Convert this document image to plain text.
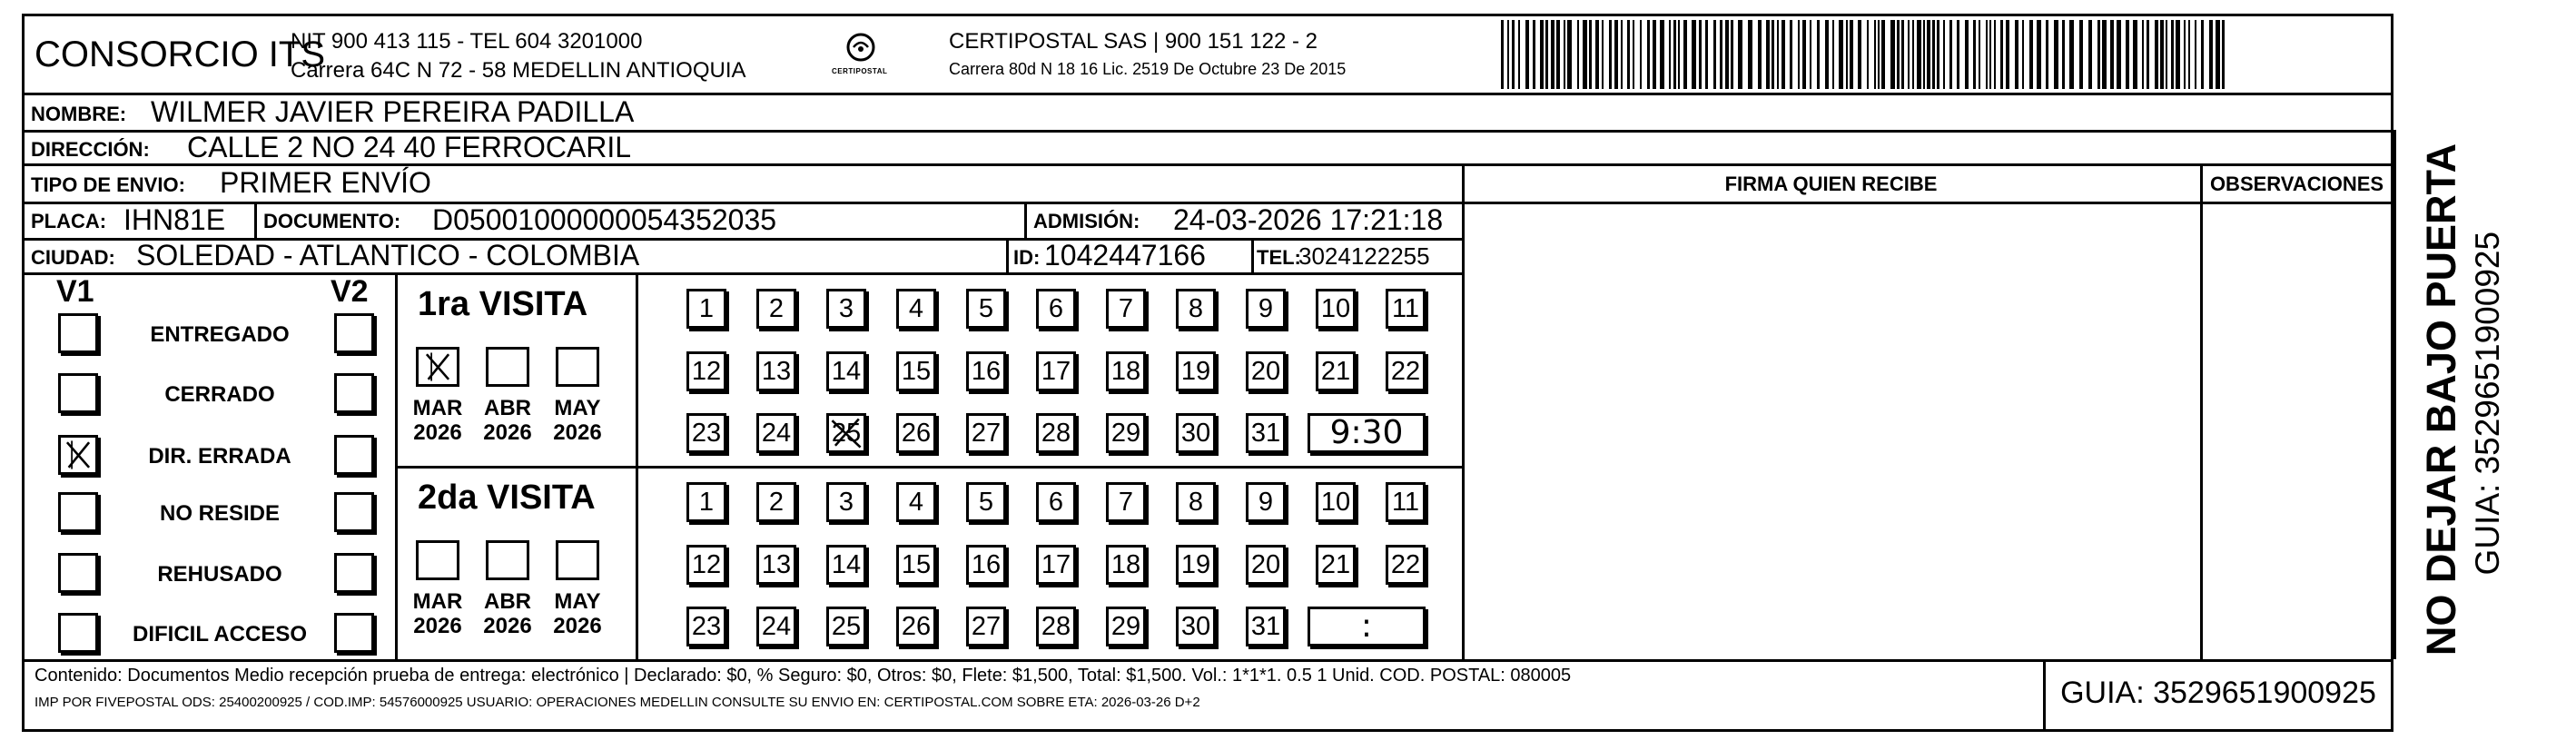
CONSORCIO ITS
NIT 900 413 115 - TEL 604 3201000
Carrera 64C N 72 - 58 MEDELLIN ANTIOQUIA	CERTIPOSTAL
CERTIPOSTAL SAS | 900 151 122 - 2
Carrera 80d N 18 16 Lic. 2519 De Octubre 23 De 2015
NOMBRE: WILMER JAVIER PEREIRA PADILLA
DIRECCIÓN: CALLE 2 NO 24 40 FERROCARIL
TIPO DE ENVIO: PRIMER ENVÍO	FIRMA QUIEN RECIBE	OBSERVACIONES
PLACA: IHN81E DOCUMENTO: D05001000000054352035	ADMISIÓN: 24-03-2026 17:21:18
CIUDAD: SOLEDAD - ATLANTICO - COLOMBIA	ID: 1042447166	TEL:
3024122255
V1	V2
ENTREGADO
CERRADO
DIR. ERRADA
NO RESIDE
REHUSADO
DIFICIL ACCESO
1ra VISITA
MAR
2026
ABR
2026
MAY
2026
1	2	3	4	5	6	7	8	9	10 11
12 13 14 15 16 17 18 19 20 21 22
23 24 25 26 27 28 29 30 31	9:30
2da VISITA
MAR
2026
ABR
2026
MAY
2026
1	2	3	4	5	6	7	8	9	10 11
12 13 14 15 16 17 18 19 20 21 22
23 24 25 26 27 28 29 30 31	:
Contenido: Documentos Medio recepción prueba de entrega: electrónico | Declarado: $0, % Seguro: $0, Otros: $0, Flete: $1,500, Total: $1,500. Vol.: 1*1*1. 0.5 1 Unid. COD. POSTAL: 080005
IMP POR FIVEPOSTAL ODS: 25400200925 / COD.IMP: 54576000925 USUARIO: OPERACIONES MEDELLIN CONSULTE SU ENVIO EN: CERTIPOSTAL.COM SOBRE ETA: 2026-03-26 D+2	GUIA: 3529651900925
NO DEJAR BAJO PUERTA GUIA: 3529651900925
